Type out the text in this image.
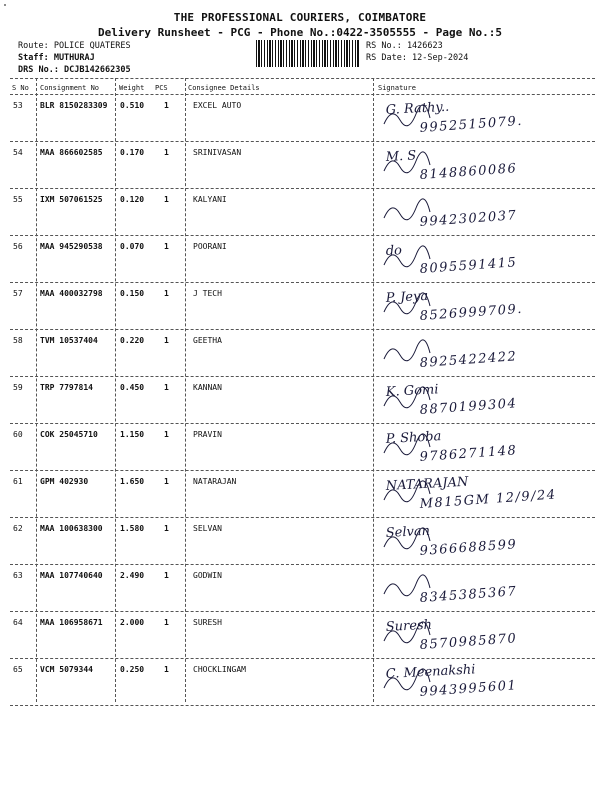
THE PROFESSIONAL COURIERS, COIMBATORE
Delivery Runsheet - PCG - Phone No.:0422-3505555 - Page No.:5
Route: POLICE QUATERES
Staff: MUTHURAJ
DRS No.: DCJB142662305
RS No.: 1426623
RS Date: 12-Sep-2024
S No Consignment No	Weight PCS	Consignee Details	Signature
53 BLR 8150283309 0.510 1	EXCEL AUTO	G. Rathy..
9952515079.
54 MAA 866602585 0.170 1	SRINIVASAN	M. S
8148860086
55 IXM 507061525 0.120 1	KALYANI
9942302037
56 MAA 945290538 0.070 1	POORANI	do
8095591415
57 MAA 400032798 0.150 1	J TECH	P. Jeya
8526999709.
58 TVM 10537404	0.220 1	GEETHA
8925422422
59 TRP 7797814	0.450 1	KANNAN	K. Gomi
8870199304
60 COK 25045710	1.150 1	PRAVIN	P. Shoba
9786271148
61 GPM 402930	1.650 1	NATARAJAN	NATARAJAN
M815GM 12/9/24
62 MAA 100638300 1.580 1	SELVAN	Selvan
9366688599
63 MAA 107740640 2.490 1	GODWIN
8345385367
64 MAA 106958671 2.000 1	SURESH	Suresh
8570985870
65 VCM 5079344	0.250 1	CHOCKLINGAM	C. Meenakshi
9943995601
